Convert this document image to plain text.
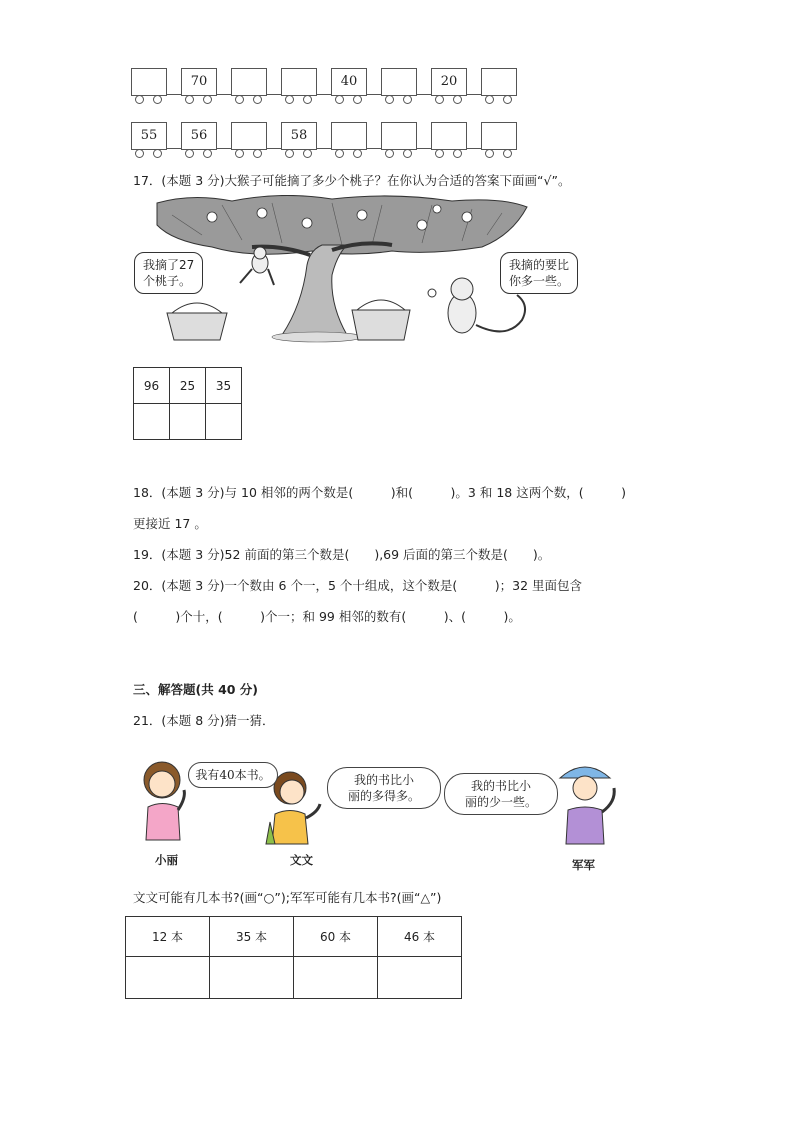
70	40	20
55	56	58
17．(本题 3 分)大猴子可能摘了多少个桃子？在你认为合适的答案下面画“√”。
我摘了27
个桃子。
我摘的要比
你多一些。
96	25	35

18．(本题 3 分)与 10 相邻的两个数是(　　　)和(　　　)。3 和 18 这两个数，(　　　)
更接近 17 。
19．(本题 3 分)52 前面的第三个数是(　　),69 后面的第三个数是(　　)。
20．(本题 3 分)一个数由 6 个一，5 个十组成，这个数是(　　　)；32 里面包含
(　　　)个十，(　　　)个一；和 99 相邻的数有(　　　)、(　　　)。
三、解答题(共 40 分)
21．(本题 8 分)猜一猜．
我有40本书。	我的书比小
丽的多得多。
我的书比小
丽的少一些。
小丽	文文	军军
文文可能有几本书?(画“○”);军军可能有几本书?(画“△”)
12 本	35 本	60 本	46 本
